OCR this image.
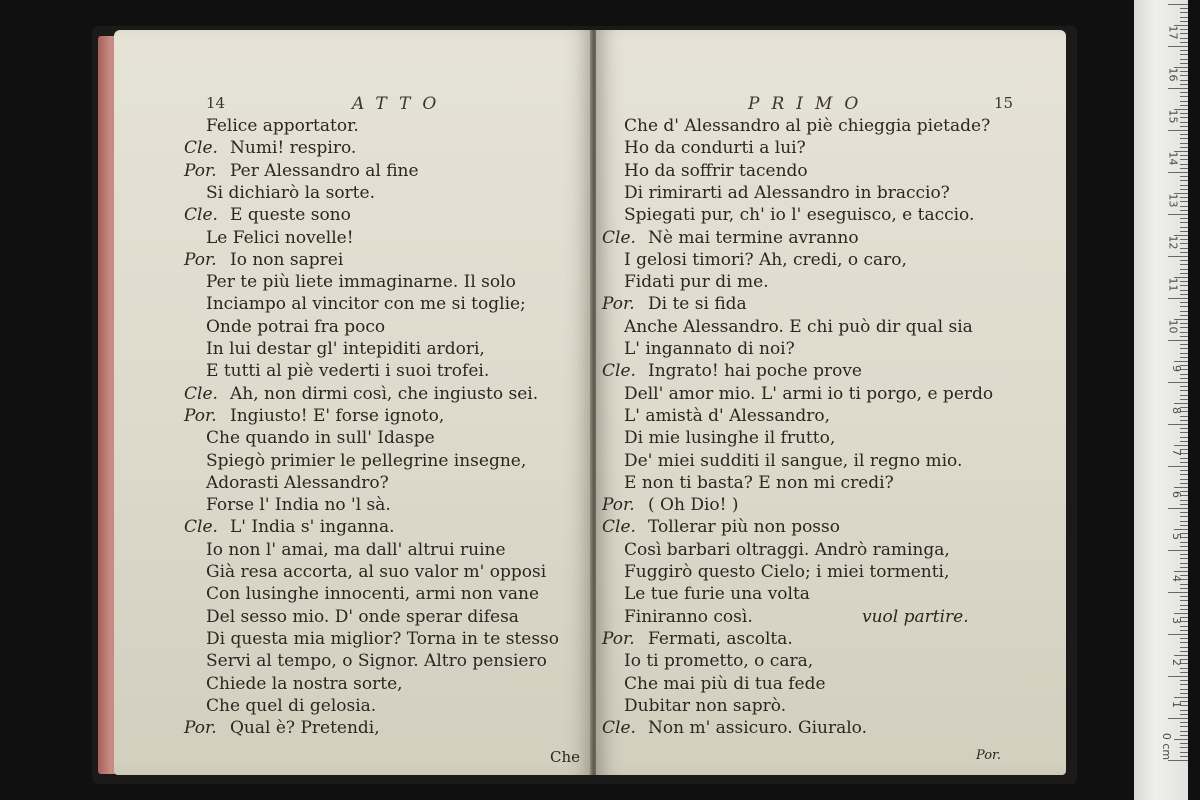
14	ATTO
Felice apportator.
Cle. Numi! respiro.
Por. Per Alessandro al fine
Si dichiarò la sorte.
Cle. E queste sono
Le Felici novelle!
Por. Io non saprei
Per te più liete immaginarne. Il solo
Inciampo al vincitor con me si toglie;
Onde potrai fra poco
In lui destar gl' intepiditi ardori,
E tutti al piè vederti i suoi trofei.
Cle. Ah, non dirmi così, che ingiusto sei.
Por. Ingiusto! E' forse ignoto,
Che quando in sull' Idaspe
Spiegò primier le pellegrine insegne,
Adorasti Alessandro?
Forse l' India no 'l sà.
Cle. L' India s' inganna.
Io non l' amai, ma dall' altrui ruine
Già resa accorta, al suo valor m' opposi
Con lusinghe innocenti, armi non vane
Del sesso mio. D' onde sperar difesa
Di questa mia miglior? Torna in te stesso
Servi al tempo, o Signor. Altro pensiero
Chiede la nostra sorte,
Che quel di gelosia.
Por. Qual è? Pretendi,
Che
PRIMO	15
Che d' Alessandro al piè chieggia pietade?
Ho da condurti a lui?
Ho da soffrir tacendo
Di rimirarti ad Alessandro in braccio?
Spiegati pur, ch' io l' eseguisco, e taccio.
Cle. Nè mai termine avranno
I gelosi timori? Ah, credi, o caro,
Fidati pur di me.
Por. Di te si fida
Anche Alessandro. E chi può dir qual sia
L' ingannato di noi?
Cle. Ingrato! hai poche prove
Dell' amor mio. L' armi io ti porgo, e perdo
L' amistà d' Alessandro,
Di mie lusinghe il frutto,
De' miei sudditi il sangue, il regno mio.
E non ti basta? E non mi credi?
Por. ( Oh Dio! )
Cle. Tollerar più non posso
Così barbari oltraggi. Andrò raminga,
Fuggirò questo Cielo; i miei tormenti,
Le tue furie una volta
Finiranno così.	vuol partire.
Por. Fermati, ascolta.
Io ti prometto, o cara,
Che mai più di tua fede
Dubitar non saprò.
Cle. Non m' assicuro. Giuralo.
Por.
17
16
15
14
13
12
11
10
9
8
7
6
5
4
3
2
1
0 cm
